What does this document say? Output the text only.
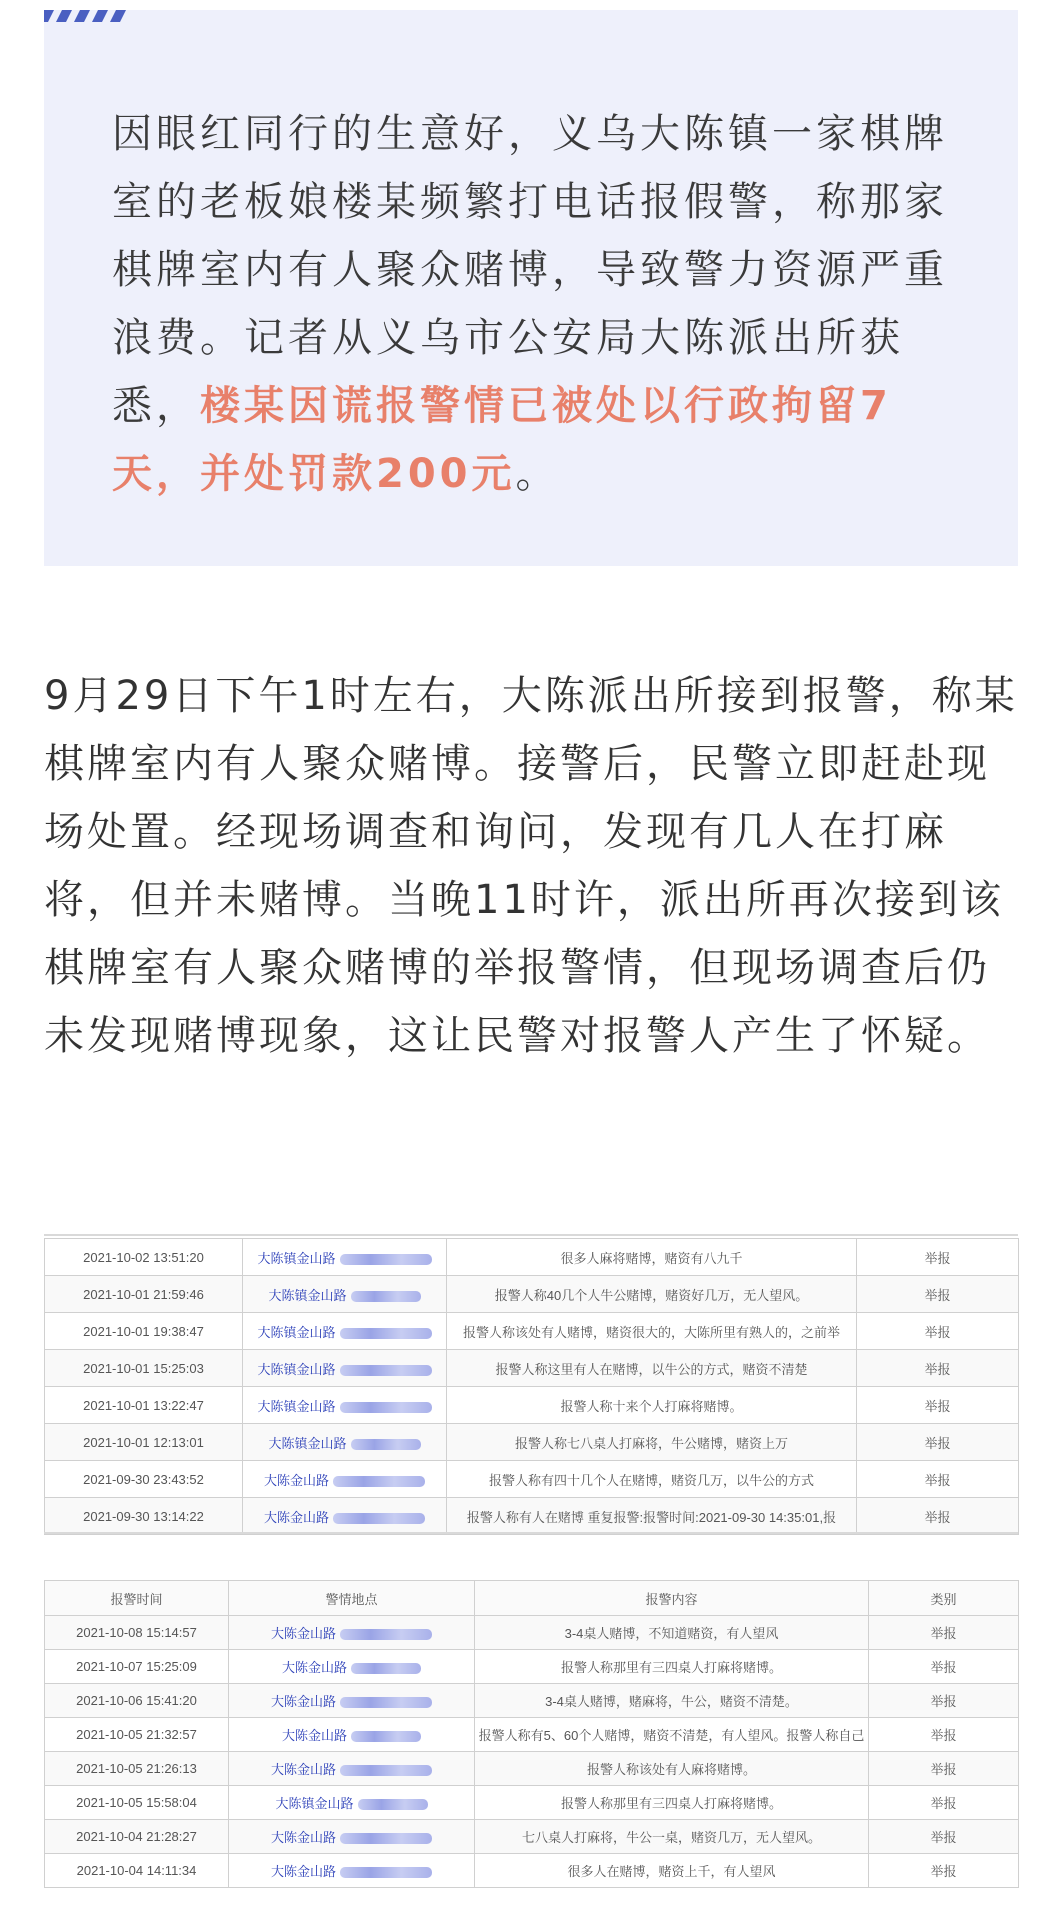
因眼红同行的生意好，义乌大陈镇一家棋牌室的老板娘楼某频繁打电话报假警，称那家棋牌室内有人聚众赌博，导致警力资源严重浪费。记者从义乌市公安局大陈派出所获悉，楼某因谎报警情已被处以行政拘留7天，并处罚款200元。
9月29日下午1时左右，大陈派出所接到报警，称某棋牌室内有人聚众赌博。接警后，民警立即赶赴现场处置。经现场调查和询问，发现有几人在打麻将，但并未赌博。当晚11时许，派出所再次接到该棋牌室有人聚众赌博的举报警情，但现场调查后仍未发现赌博现象，这让民警对报警人产生了怀疑。
2021-10-02 13:51:20	大陈镇金山路	很多人麻将赌博，赌资有八九千	举报
2021-10-01 21:59:46	大陈镇金山路	报警人称40几个人牛公赌博，赌资好几万，无人望风。	举报
2021-10-01 19:38:47	大陈镇金山路	报警人称该处有人赌博，赌资很大的，大陈所里有熟人的，之前举	举报
2021-10-01 15:25:03	大陈镇金山路	报警人称这里有人在赌博，以牛公的方式，赌资不清楚	举报
2021-10-01 13:22:47	大陈镇金山路	报警人称十来个人打麻将赌博。	举报
2021-10-01 12:13:01	大陈镇金山路	报警人称七八桌人打麻将，牛公赌博，赌资上万	举报
2021-09-30 23:43:52	大陈金山路	报警人称有四十几个人在赌博，赌资几万，以牛公的方式	举报
2021-09-30 13:14:22	大陈金山路	报警人称有人在赌博 重复报警:报警时间:2021-09-30 14:35:01,报	举报
报警时间	警情地点	报警内容	类别
2021-10-08 15:14:57	大陈金山路	3-4桌人赌博，不知道赌资，有人望风	举报
2021-10-07 15:25:09	大陈金山路	报警人称那里有三四桌人打麻将赌博。	举报
2021-10-06 15:41:20	大陈金山路	3-4桌人赌博，赌麻将，牛公，赌资不清楚。	举报
2021-10-05 21:32:57	大陈金山路	报警人称有5、60个人赌博，赌资不清楚，有人望风。报警人称自己	举报
2021-10-05 21:26:13	大陈金山路	报警人称该处有人麻将赌博。	举报
2021-10-05 15:58:04	大陈镇金山路	报警人称那里有三四桌人打麻将赌博。	举报
2021-10-04 21:28:27	大陈金山路	七八桌人打麻将，牛公一桌，赌资几万，无人望风。	举报
2021-10-04 14:11:34	大陈金山路	很多人在赌博，赌资上千，有人望风	举报
